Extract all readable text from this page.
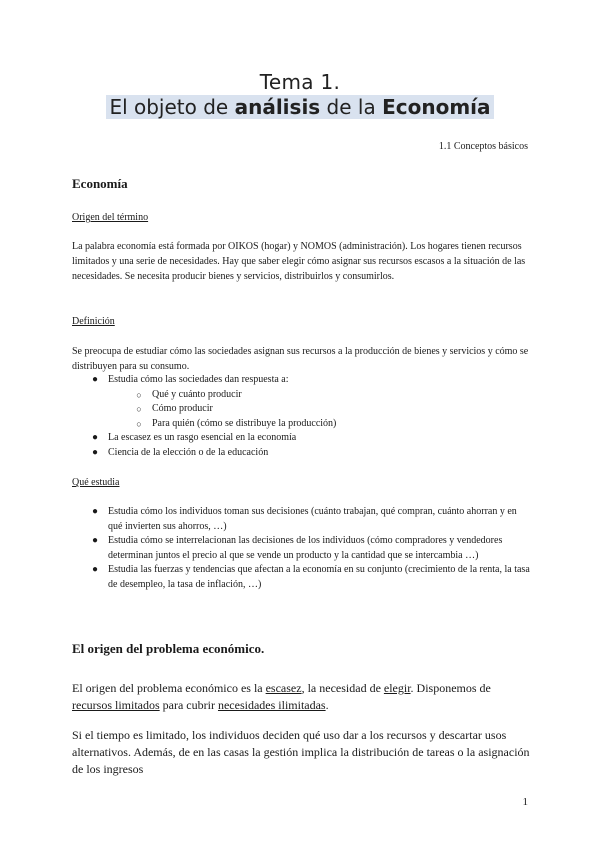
Tema 1.
El objeto de análisis de la Economía
1.1 Conceptos básicos
Economía
Origen del término
La palabra economía está formada por OIKOS (hogar) y NOMOS (administración). Los hogares tienen recursos limitados y una serie de necesidades. Hay que saber elegir cómo asignar sus recursos escasos a la situación de las necesidades. Se necesita producir bienes y servicios, distribuirlos y consumirlos.
Definición
Se preocupa de estudiar cómo las sociedades asignan sus recursos a la producción de bienes y servicios y cómo se distribuyen para su consumo.
● Estudia cómo las sociedades dan respuesta a:
○ Qué y cuánto producir
○ Cómo producir
○ Para quién (cómo se distribuye la producción)
● La escasez es un rasgo esencial en la economía
● Ciencia de la elección o de la educación
Qué estudia
● Estudia cómo los individuos toman sus decisiones (cuánto trabajan, qué compran, cuánto ahorran y en qué invierten sus ahorros, …)
● Estudia cómo se interrelacionan las decisiones de los individuos (cómo compradores y vendedores determinan juntos el precio al que se vende un producto y la cantidad que se intercambia …)
● Estudia las fuerzas y tendencias que afectan a la economía en su conjunto (crecimiento de la renta, la tasa de desempleo, la tasa de inflación, …)
El origen del problema económico.
El origen del problema económico es la escasez, la necesidad de elegir. Disponemos de recursos limitados para cubrir necesidades ilimitadas.
Si el tiempo es limitado, los individuos deciden qué uso dar a los recursos y descartar usos alternativos. Además, de en las casas la gestión implica la distribución de tareas o la asignación de los ingresos
1
